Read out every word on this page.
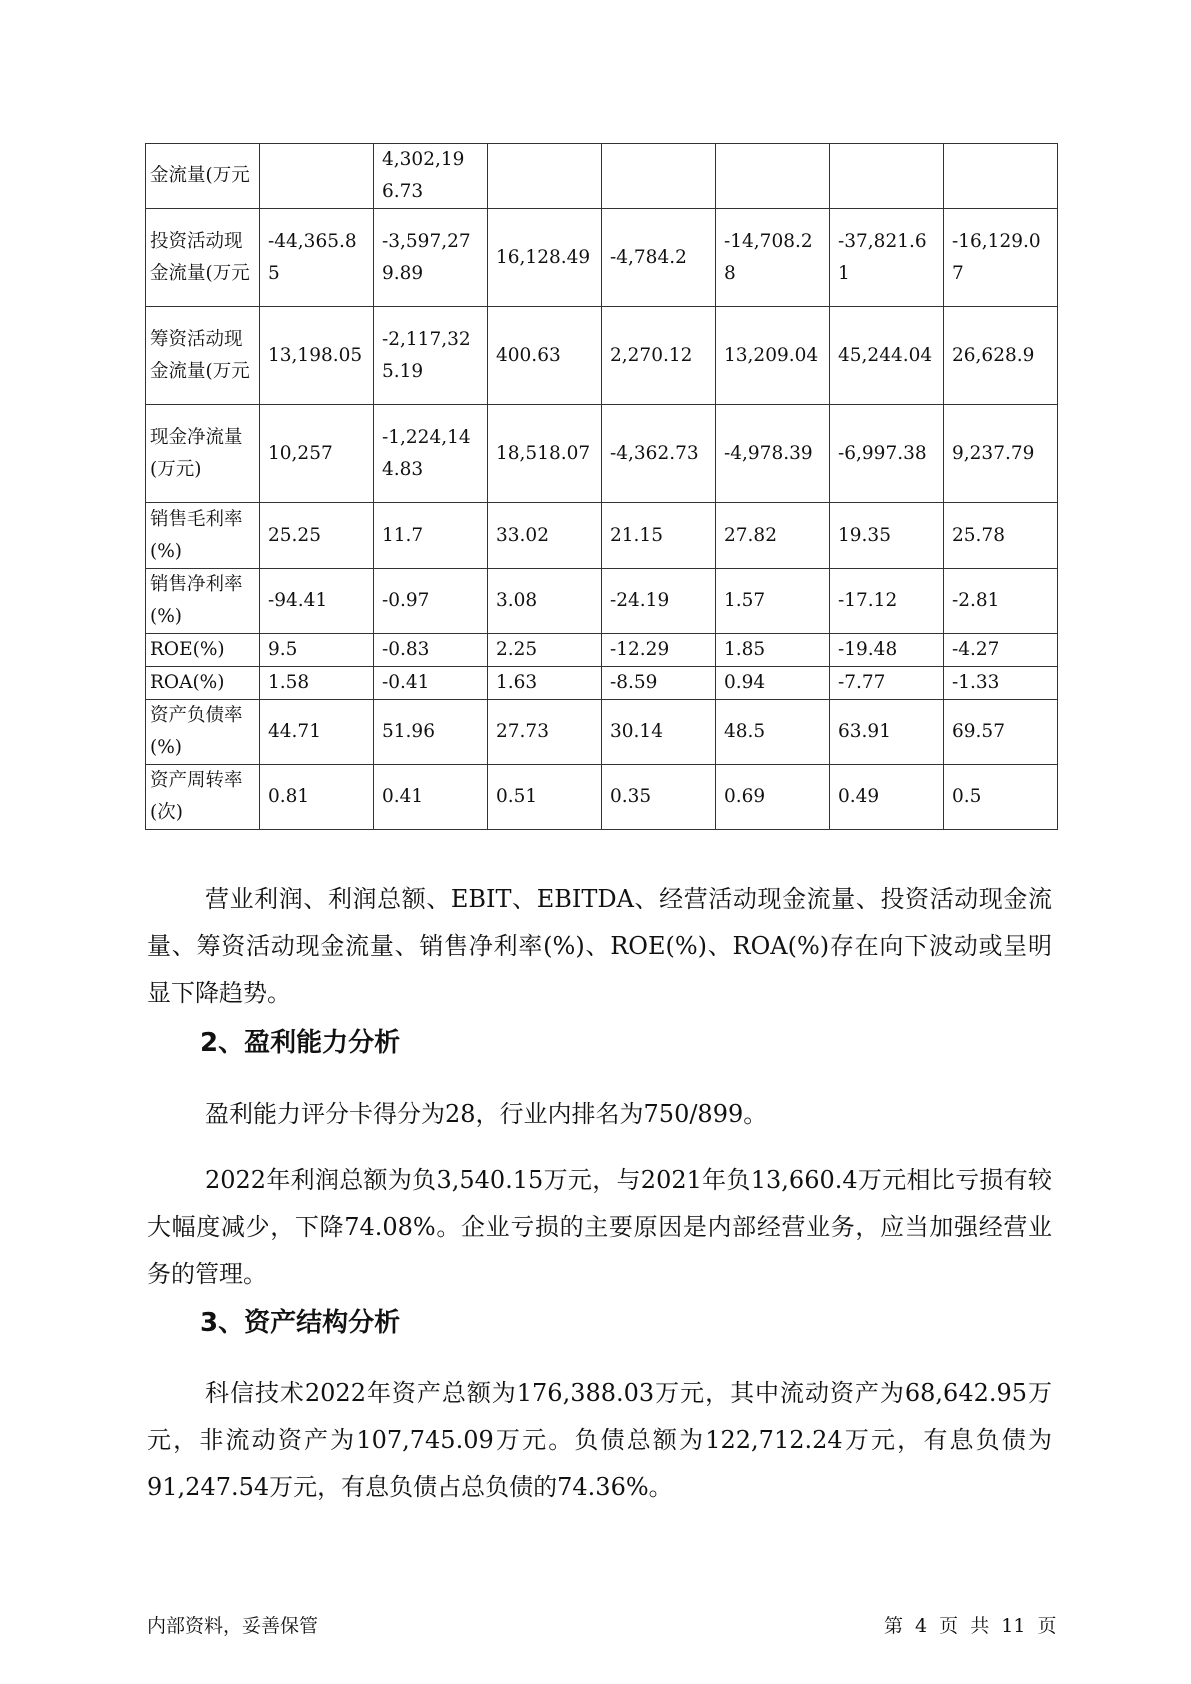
金流量(万元		4,302,196.73					
投资活动现金流量(万元	-44,365.85	-3,597,279.89	16,128.49	-4,784.2	-14,708.28	-37,821.61	-16,129.07
筹资活动现金流量(万元	13,198.05	-2,117,325.19	400.63	2,270.12	13,209.04	45,244.04	26,628.9
现金净流量(万元)	10,257	-1,224,144.83	18,518.07	-4,362.73	-4,978.39	-6,997.38	9,237.79
销售毛利率(%)	25.25	11.7	33.02	21.15	27.82	19.35	25.78
销售净利率(%)	-94.41	-0.97	3.08	-24.19	1.57	-17.12	-2.81
ROE(%)	9.5	-0.83	2.25	-12.29	1.85	-19.48	-4.27
ROA(%)	1.58	-0.41	1.63	-8.59	0.94	-7.77	-1.33
资产负债率(%)	44.71	51.96	27.73	30.14	48.5	63.91	69.57
资产周转率(次)	0.81	0.41	0.51	0.35	0.69	0.49	0.5

营业利润、利润总额、EBIT、EBITDA、经营活动现金流量、投资活动现金流量、筹资活动现金流量、销售净利率(%)、ROE(%)、ROA(%)存在向下波动或呈明显下降趋势。

2、盈利能力分析

盈利能力评分卡得分为28，行业内排名为750/899。

2022年利润总额为负3,540.15万元，与2021年负13,660.4万元相比亏损有较大幅度减少，下降74.08%。企业亏损的主要原因是内部经营业务，应当加强经营业务的管理。

3、资产结构分析

科信技术2022年资产总额为176,388.03万元，其中流动资产为68,642.95万元，非流动资产为107,745.09万元。负债总额为122,712.24万元，有息负债为91,247.54万元，有息负债占总负债的74.36%。

内部资料，妥善保管	第 4 页 共 11 页
